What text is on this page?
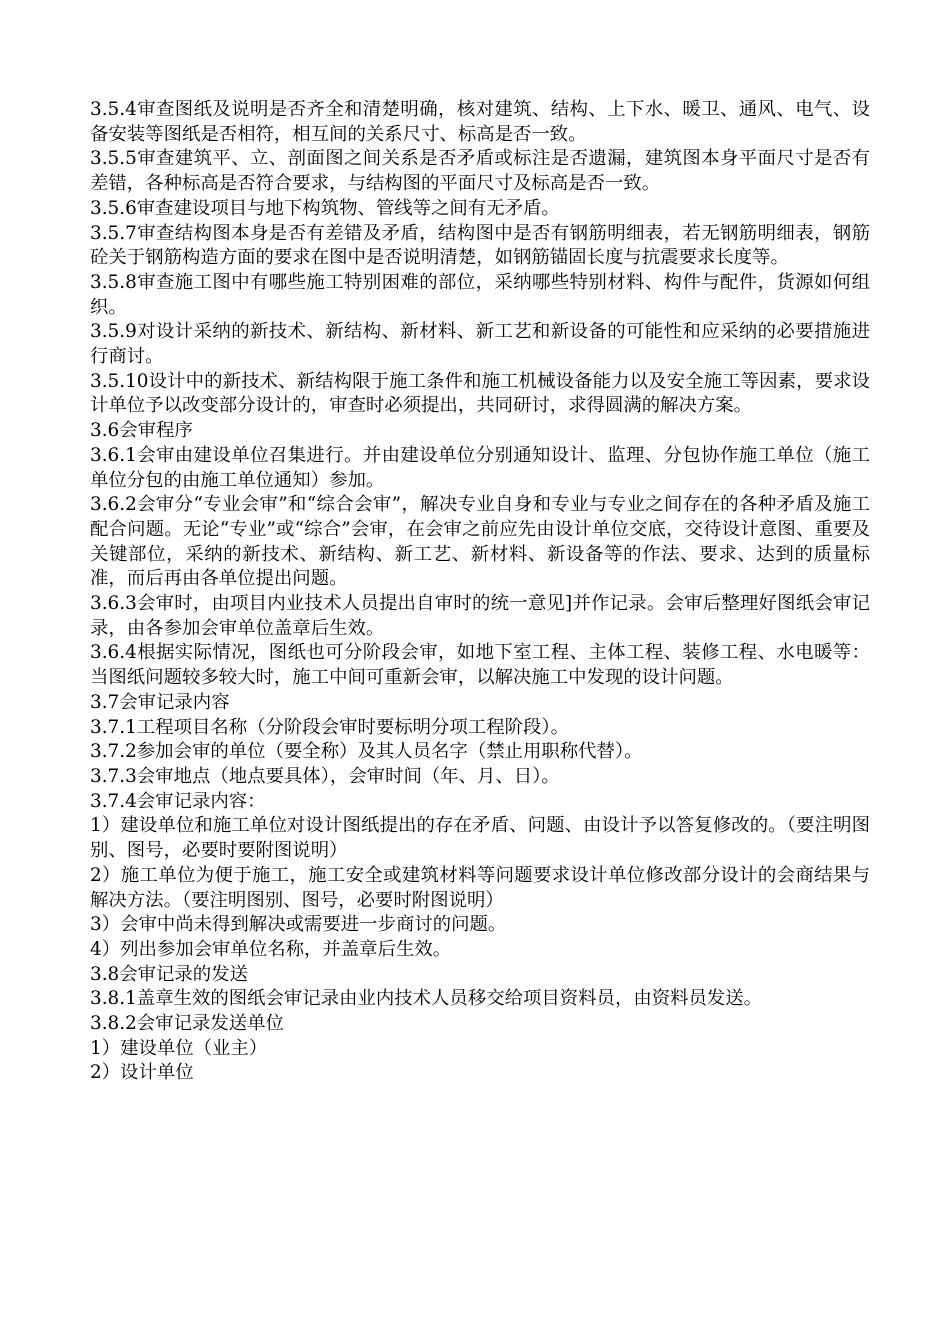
3.5.4审查图纸及说明是否齐全和清楚明确，核对建筑、结构、上下水、暖卫、通风、电气、设备安装等图纸是否相符，相互间的关系尺寸、标高是否一致。

3.5.5审查建筑平、立、剖面图之间关系是否矛盾或标注是否遗漏，建筑图本身平面尺寸是否有差错，各种标高是否符合要求，与结构图的平面尺寸及标高是否一致。

3.5.6审查建设项目与地下构筑物、管线等之间有无矛盾。

3.5.7审查结构图本身是否有差错及矛盾，结构图中是否有钢筋明细表，若无钢筋明细表，钢筋砼关于钢筋构造方面的要求在图中是否说明清楚，如钢筋锚固长度与抗震要求长度等。

3.5.8审查施工图中有哪些施工特别困难的部位，采纳哪些特别材料、构件与配件，货源如何组织。

3.5.9对设计采纳的新技术、新结构、新材料、新工艺和新设备的可能性和应采纳的必要措施进行商讨。

3.5.10设计中的新技术、新结构限于施工条件和施工机械设备能力以及安全施工等因素，要求设计单位予以改变部分设计的，审查时必须提出，共同研讨，求得圆满的解决方案。

3.6会审程序

3.6.1会审由建设单位召集进行。并由建设单位分别通知设计、监理、分包协作施工单位（施工单位分包的由施工单位通知）参加。

3.6.2会审分“专业会审”和“综合会审”，解决专业自身和专业与专业之间存在的各种矛盾及施工配合问题。无论“专业”或“综合”会审，在会审之前应先由设计单位交底，交待设计意图、重要及关键部位，采纳的新技术、新结构、新工艺、新材料、新设备等的作法、要求、达到的质量标准，而后再由各单位提出问题。

3.6.3会审时，由项目内业技术人员提出自审时的统一意见]并作记录。会审后整理好图纸会审记录，由各参加会审单位盖章后生效。

3.6.4根据实际情况，图纸也可分阶段会审，如地下室工程、主体工程、装修工程、水电暖等：当图纸问题较多较大时，施工中间可重新会审，以解决施工中发现的设计问题。

3.7会审记录内容

3.7.1工程项目名称（分阶段会审时要标明分项工程阶段）。

3.7.2参加会审的单位（要全称）及其人员名字（禁止用职称代替）。

3.7.3会审地点（地点要具体），会审时间（年、月、日）。

3.7.4会审记录内容：

1）建设单位和施工单位对设计图纸提出的存在矛盾、问题、由设计予以答复修改的。（要注明图别、图号，必要时要附图说明）

2）施工单位为便于施工，施工安全或建筑材料等问题要求设计单位修改部分设计的会商结果与解决方法。（要注明图别、图号，必要时附图说明）

3）会审中尚未得到解决或需要进一步商讨的问题。

4）列出参加会审单位名称，并盖章后生效。

3.8会审记录的发送

3.8.1盖章生效的图纸会审记录由业内技术人员移交给项目资料员，由资料员发送。

3.8.2会审记录发送单位

1）建设单位（业主）

2）设计单位
